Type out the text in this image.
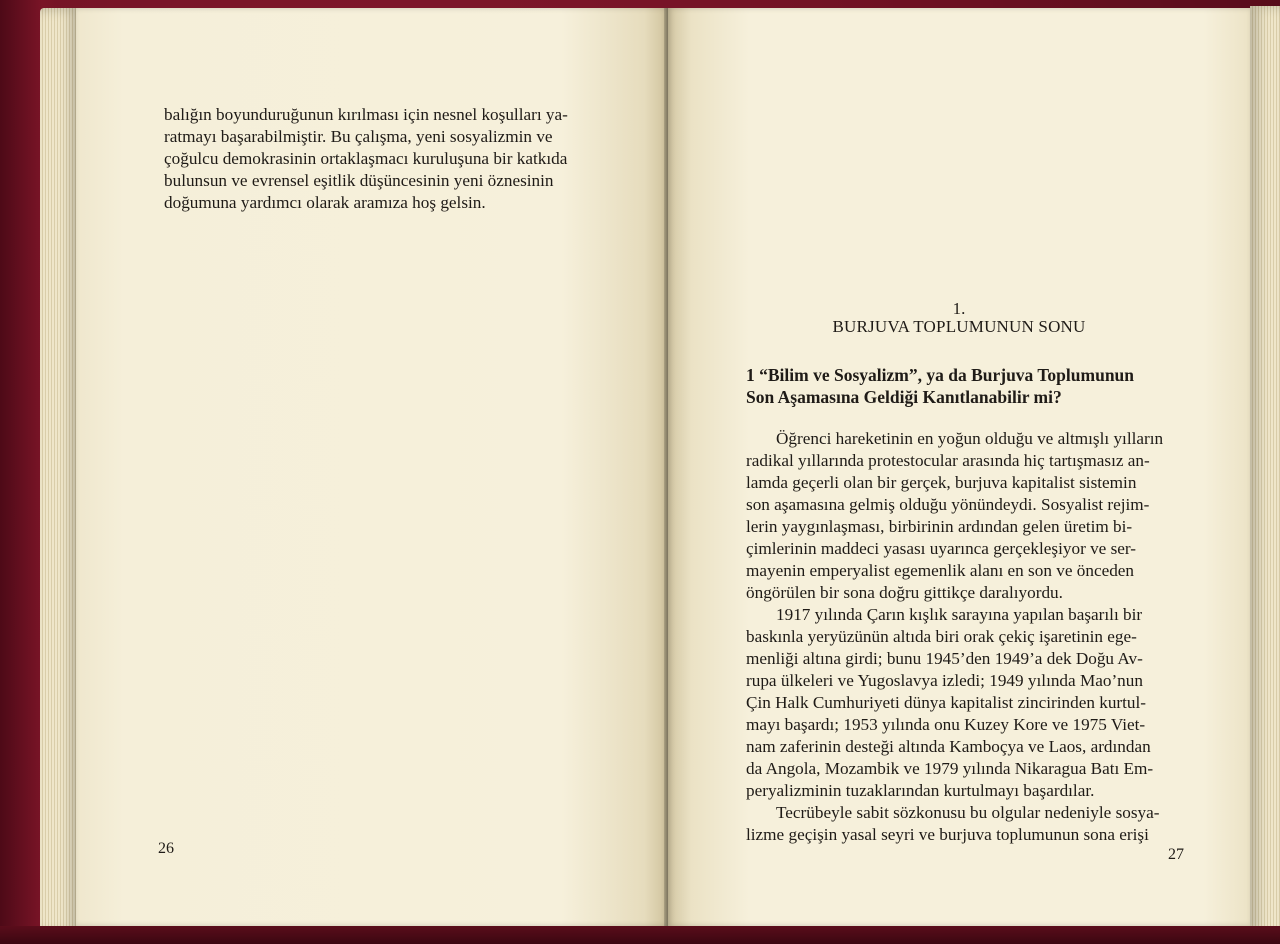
balığın boyunduruğunun kırılması için nesnel koşulları ya-

ratmayı başarabilmiştir. Bu çalışma, yeni sosyalizmin ve

çoğulcu demokrasinin ortaklaşmacı kuruluşuna bir katkıda

bulunsun ve evrensel eşitlik düşüncesinin yeni öznesinin

doğumuna yardımcı olarak aramıza hoş gelsin.

26
1.
BURJUVA TOPLUMUNUN SONU
1 “Bilim ve Sosyalizm”, ya da Burjuva Toplumunun
Son Aşamasına Geldiği Kanıtlanabilir mi?

Öğrenci hareketinin en yoğun olduğu ve altmışlı yılların

radikal yıllarında protestocular arasında hiç tartışmasız an-

lamda geçerli olan bir gerçek, burjuva kapitalist sistemin

son aşamasına gelmiş olduğu yönündeydi. Sosyalist rejim-

lerin yaygınlaşması, birbirinin ardından gelen üretim bi-

çimlerinin maddeci yasası uyarınca gerçekleşiyor ve ser-

mayenin emperyalist egemenlik alanı en son ve önceden

öngörülen bir sona doğru gittikçe daralıyordu.

1917 yılında Çarın kışlık sarayına yapılan başarılı bir

baskınla yeryüzünün altıda biri orak çekiç işaretinin ege-

menliği altına girdi; bunu 1945’den 1949’a dek Doğu Av-

rupa ülkeleri ve Yugoslavya izledi; 1949 yılında Mao’nun

Çin Halk Cumhuriyeti dünya kapitalist zincirinden kurtul-

mayı başardı; 1953 yılında onu Kuzey Kore ve 1975 Viet-

nam zaferinin desteği altında Kamboçya ve Laos, ardından

da Angola, Mozambik ve 1979 yılında Nikaragua Batı Em-

peryalizminin tuzaklarından kurtulmayı başardılar.

Tecrübeyle sabit sözkonusu bu olgular nedeniyle sosya-

lizme geçişin yasal seyri ve burjuva toplumunun sona erişi

27
